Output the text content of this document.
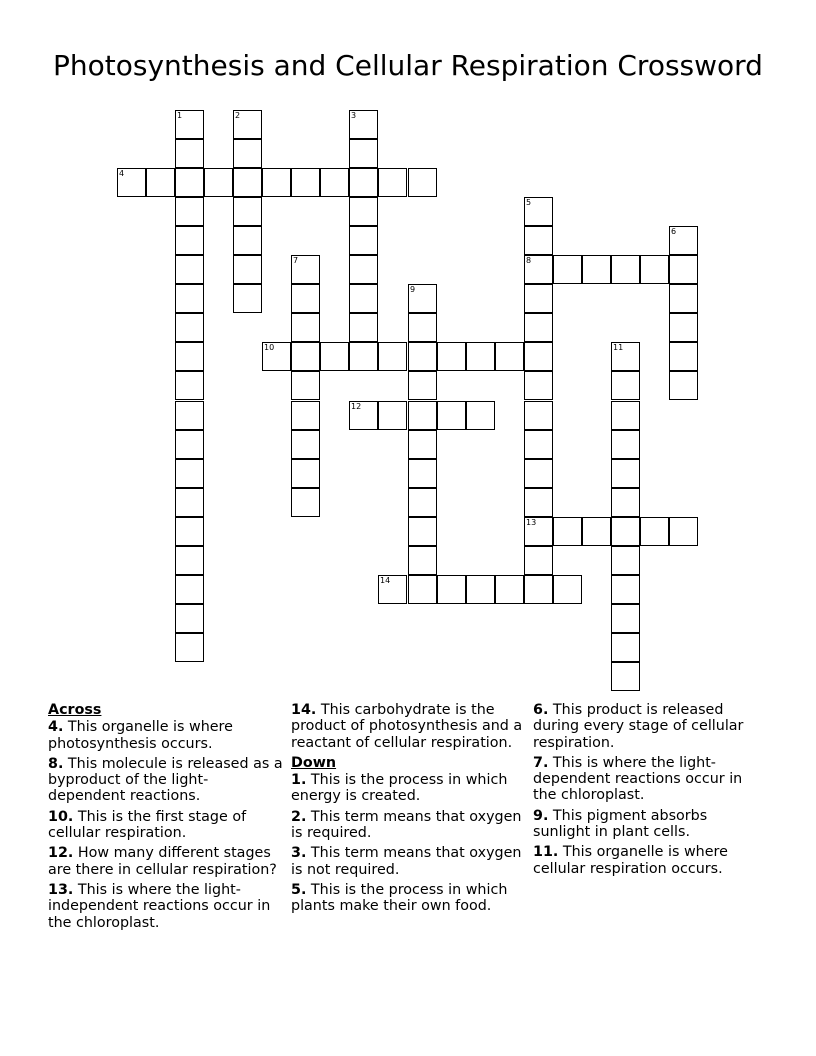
Photosynthesis and Cellular Respiration Crossword
1	2	3
4
5
8
13
6
7
9
10	11
12
14
Across
4. This organelle is where photosynthesis occurs.
8. This molecule is released as a byproduct of the light-dependent reactions.
10. This is the first stage of cellular respiration.
12. How many different stages are there in cellular respiration?
13. This is where the light-independent reactions occur in the chloroplast.
14. This carbohydrate is the product of photosynthesis and a reactant of cellular respiration.
Down
1. This is the process in which energy is created.
2. This term means that oxygen is required.
3. This term means that oxygen is not required.
5. This is the process in which plants make their own food.
6. This product is released during every stage of cellular respiration.
7. This is where the light-dependent reactions occur in the chloroplast.
9. This pigment absorbs sunlight in plant cells.
11. This organelle is where cellular respiration occurs.
